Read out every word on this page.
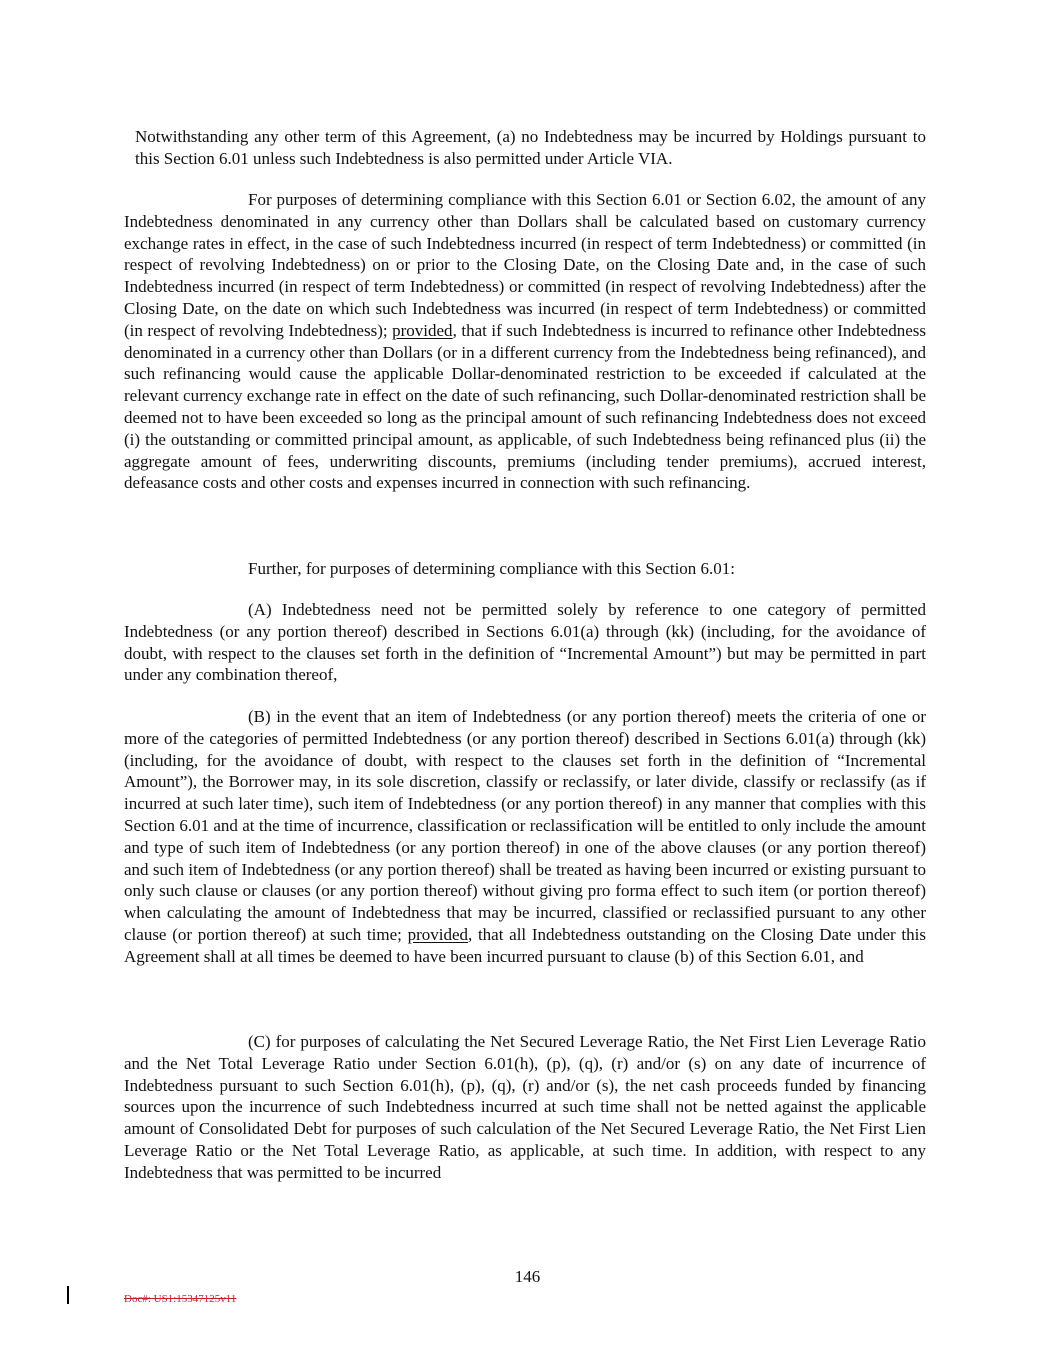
Notwithstanding any other term of this Agreement, (a) no Indebtedness may be incurred by Holdings pursuant to this Section 6.01 unless such Indebtedness is also permitted under Article VIA.

For purposes of determining compliance with this Section 6.01 or Section 6.02, the amount of any Indebtedness denominated in any currency other than Dollars shall be calculated based on customary currency exchange rates in effect, in the case of such Indebtedness incurred (in respect of term Indebtedness) or committed (in respect of revolving Indebtedness) on or prior to the Closing Date, on the Closing Date and, in the case of such Indebtedness incurred (in respect of term Indebtedness) or committed (in respect of revolving Indebtedness) after the Closing Date, on the date on which such Indebtedness was incurred (in respect of term Indebtedness) or committed (in respect of revolving Indebtedness); provided, that if such Indebtedness is incurred to refinance other Indebtedness denominated in a currency other than Dollars (or in a different currency from the Indebtedness being refinanced), and such refinancing would cause the applicable Dollar-denominated restriction to be exceeded if calculated at the relevant currency exchange rate in effect on the date of such refinancing, such Dollar-denominated restriction shall be deemed not to have been exceeded so long as the principal amount of such refinancing Indebtedness does not exceed (i) the outstanding or committed principal amount, as applicable, of such Indebtedness being refinanced plus (ii) the aggregate amount of fees, underwriting discounts, premiums (including tender premiums), accrued interest, defeasance costs and other costs and expenses incurred in connection with such refinancing.

Further, for purposes of determining compliance with this Section 6.01:

(A) Indebtedness need not be permitted solely by reference to one category of permitted Indebtedness (or any portion thereof) described in Sections 6.01(a) through (kk) (including, for the avoidance of doubt, with respect to the clauses set forth in the definition of “Incremental Amount”) but may be permitted in part under any combination thereof,

(B) in the event that an item of Indebtedness (or any portion thereof) meets the criteria of one or more of the categories of permitted Indebtedness (or any portion thereof) described in Sections 6.01(a) through (kk) (including, for the avoidance of doubt, with respect to the clauses set forth in the definition of “Incremental Amount”), the Borrower may, in its sole discretion, classify or reclassify, or later divide, classify or reclassify (as if incurred at such later time), such item of Indebtedness (or any portion thereof) in any manner that complies with this Section 6.01 and at the time of incurrence, classification or reclassification will be entitled to only include the amount and type of such item of Indebtedness (or any portion thereof) in one of the above clauses (or any portion thereof) and such item of Indebtedness (or any portion thereof) shall be treated as having been incurred or existing pursuant to only such clause or clauses (or any portion thereof) without giving pro forma effect to such item (or portion thereof) when calculating the amount of Indebtedness that may be incurred, classified or reclassified pursuant to any other clause (or portion thereof) at such time; provided, that all Indebtedness outstanding on the Closing Date under this Agreement shall at all times be deemed to have been incurred pursuant to clause (b) of this Section 6.01, and

(C) for purposes of calculating the Net Secured Leverage Ratio, the Net First Lien Leverage Ratio and the Net Total Leverage Ratio under Section 6.01(h), (p), (q), (r) and/or (s) on any date of incurrence of Indebtedness pursuant to such Section 6.01(h), (p), (q), (r) and/or (s), the net cash proceeds funded by financing sources upon the incurrence of such Indebtedness incurred at such time shall not be netted against the applicable amount of Consolidated Debt for purposes of such calculation of the Net Secured Leverage Ratio, the Net First Lien Leverage Ratio or the Net Total Leverage Ratio, as applicable, at such time. In addition, with respect to any Indebtedness that was permitted to be incurred

146
Doc#: US1:15347125v11
